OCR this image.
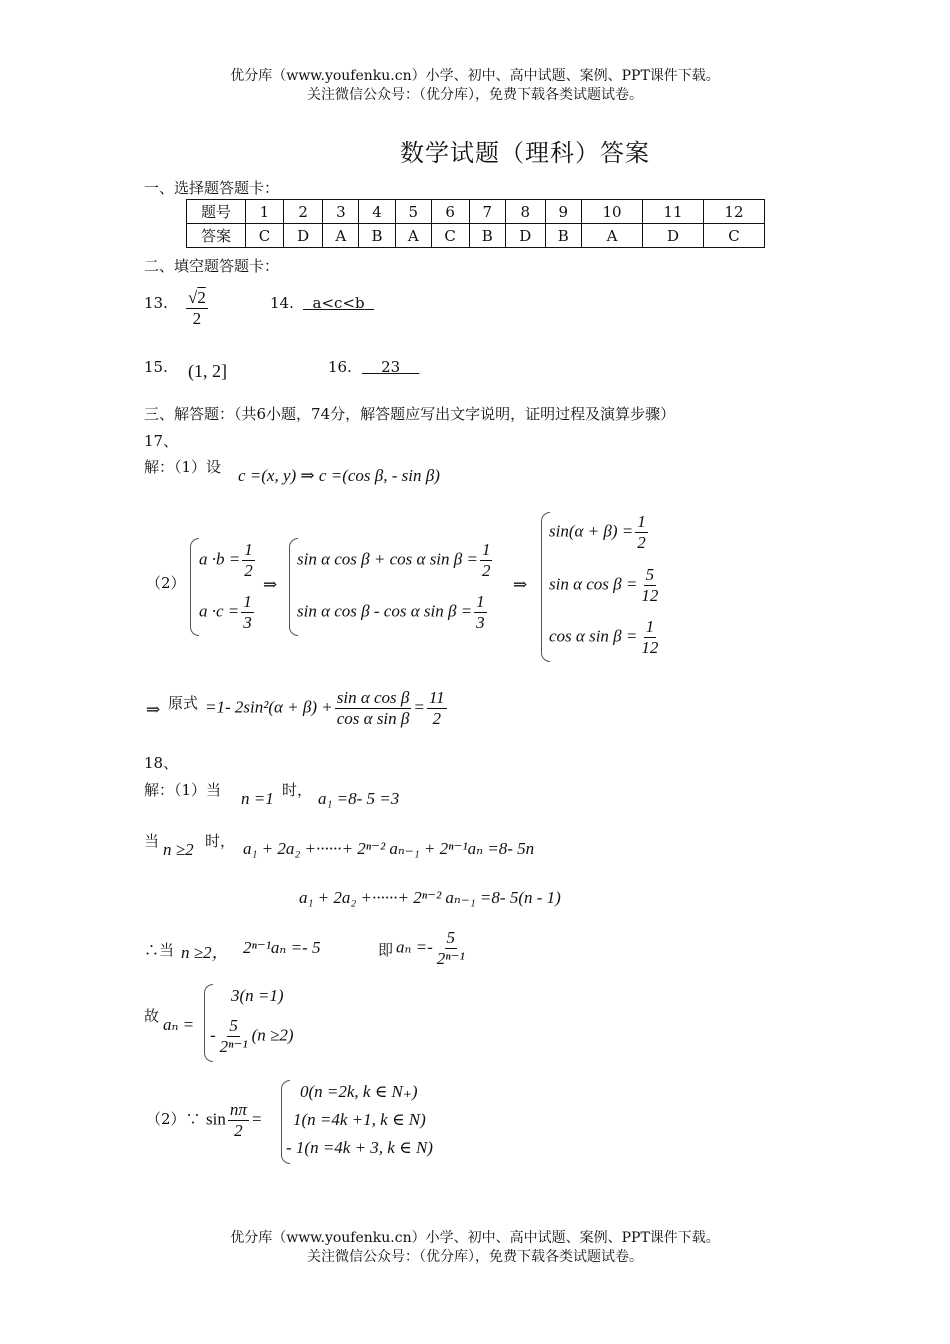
优分库（www.youfenku.cn）小学、初中、高中试题、案例、PPT课件下载。
关注微信公众号：（优分库），免费下载各类试题试卷。
数学试题（理科）答案
一、选择题答题卡：
题号	1	2	3	4	5	6	7	8	9	10	11	12
答案	C	D	A	B	A	C	B	D	B	A	D	C
二、填空题答题卡：
13. $\frac{√2}{2}$	14.	a<c<b
15. (1, 2]	16.	23
三、解答题：（共6小题，74分，解答题应写出文字说明，证明过程及演算步骤）
17、
解：（1）设 c =(x, y) ⇒ c =(cos β, - sin β)
（2）
$a \cdot b = \frac{1}{2}$
$a \cdot c = \frac{1}{3}$
⇒
sin α cos β + cos α $\sin \beta = \frac{1}{2}$
sin α cos β - cos α $\sin \beta = \frac{1}{3}$
⇒
$\sin(\alpha + \beta) = \frac{1}{2}$
sin α $\cos \beta = \frac{5}{12}$
cos α $\sin \beta = \frac{1}{12}$
⇒ 原式 =1- $2\sin^2(\alpha + \beta) + \frac{\text{sin α cos β}}{\text{cos α sin β}} = \frac{11}{2}$
18、
解：（1）当 n =1 时， a₁ =8- 5 =3
当 n ≥2 时， a₁ + 2a₂ +······+ 2ⁿ⁻² aₙ₋₁ + 2ⁿ⁻¹aₙ =8- 5n
a₁ + 2a₂ +······+ 2ⁿ⁻² aₙ₋₁ =8- 5(n - 1)
∴当 n ≥2， 2ⁿ⁻¹aₙ =- 5	即 $a_n =- \frac{5}{\text{2ⁿ⁻¹}}$
故 aₙ =
3(n =1)
- $\frac{5}{\text{2ⁿ⁻¹}} (n \ge 2)$
（2）∵ $\sin \frac{n\pi}{2}$ =
0(n =2k, k ∈ N₊)
1(n =4k +1, k ∈ N)
- 1(n =4k + 3, k ∈ N)
优分库（www.youfenku.cn）小学、初中、高中试题、案例、PPT课件下载。
关注微信公众号：（优分库），免费下载各类试题试卷。
